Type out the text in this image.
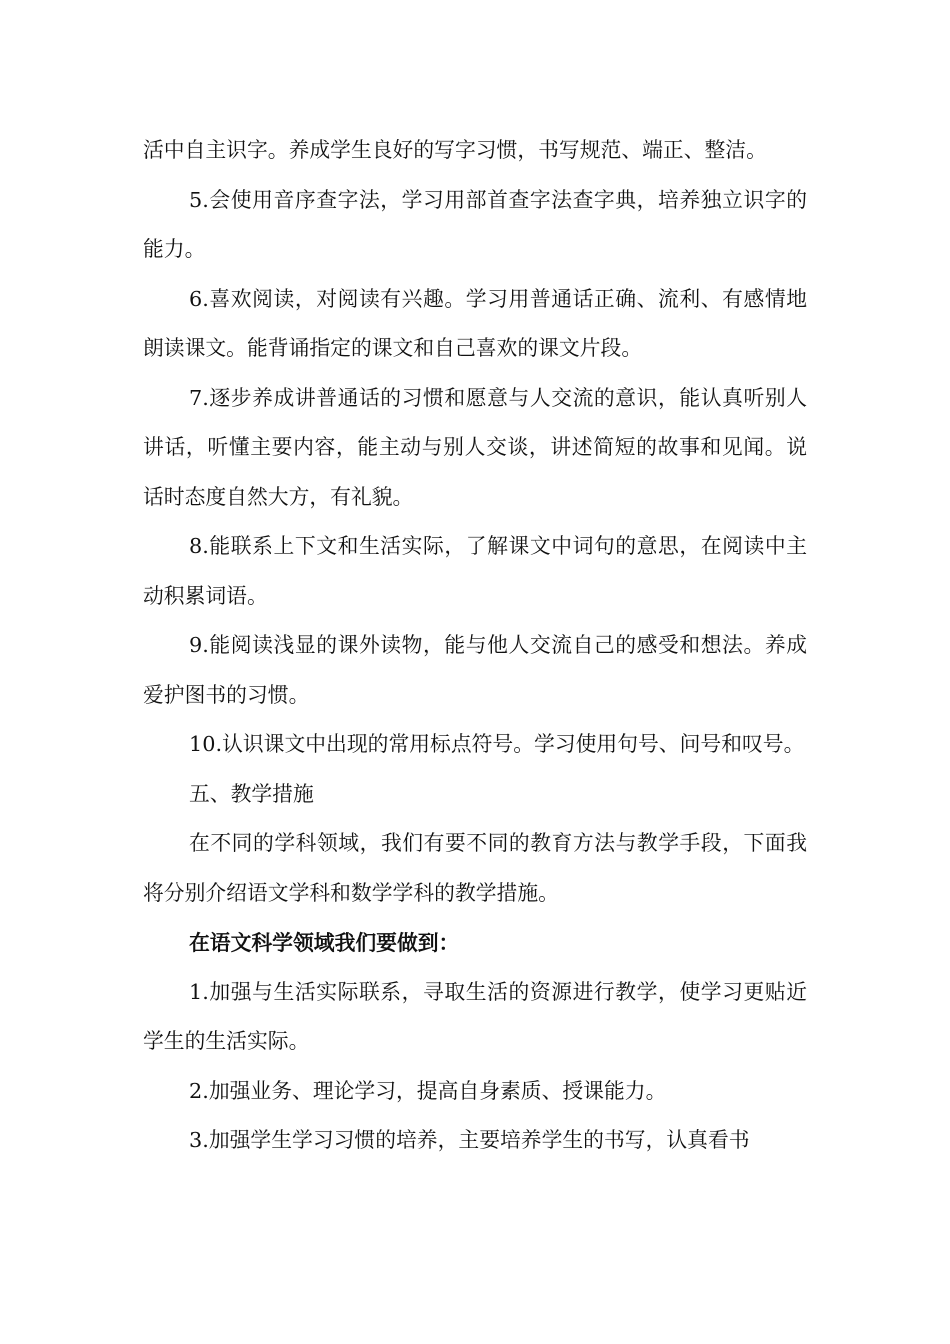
活中自主识字。养成学生良好的写字习惯，书写规范、端正、整洁。

5.会使用音序查字法，学习用部首查字法查字典，培养独立识字的能力。

6.喜欢阅读，对阅读有兴趣。学习用普通话正确、流利、有感情地朗读课文。能背诵指定的课文和自己喜欢的课文片段。

7.逐步养成讲普通话的习惯和愿意与人交流的意识，能认真听别人讲话，听懂主要内容，能主动与别人交谈，讲述简短的故事和见闻。说话时态度自然大方，有礼貌。

8.能联系上下文和生活实际，了解课文中词句的意思，在阅读中主动积累词语。

9.能阅读浅显的课外读物，能与他人交流自己的感受和想法。养成爱护图书的习惯。

10.认识课文中出现的常用标点符号。学习使用句号、问号和叹号。

五、教学措施

在不同的学科领域，我们有要不同的教育方法与教学手段，下面我将分别介绍语文学科和数学学科的教学措施。

在语文科学领域我们要做到：

1.加强与生活实际联系，寻取生活的资源进行教学，使学习更贴近学生的生活实际。

2.加强业务、理论学习，提高自身素质、授课能力。

3.加强学生学习习惯的培养，主要培养学生的书写，认真看书
